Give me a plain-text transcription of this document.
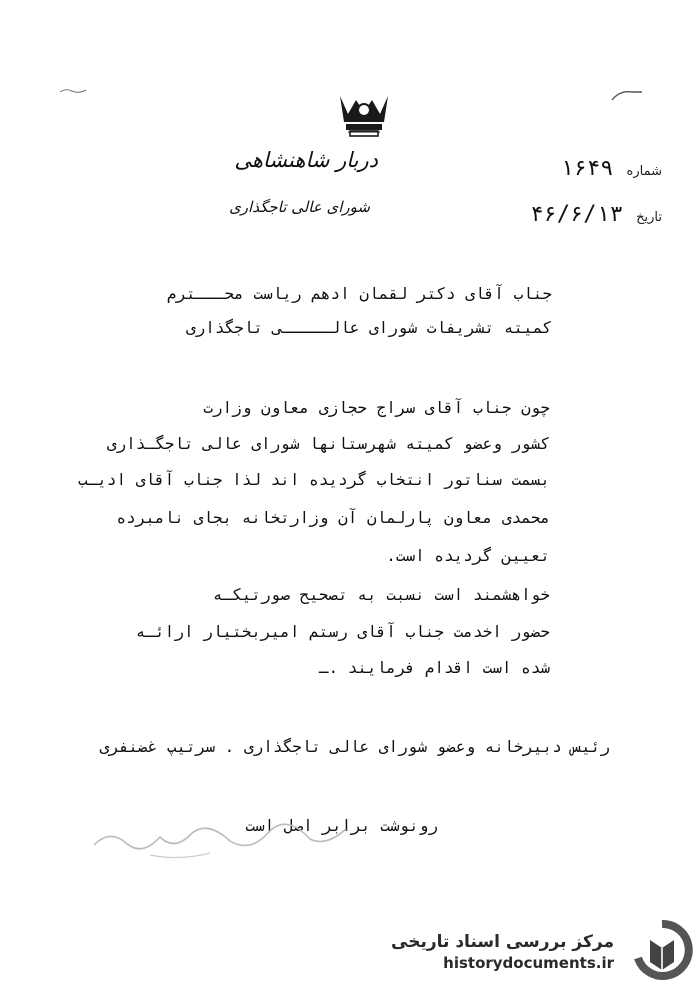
دربار شاهنشاهی
شورای عالی تاجگذاری
شماره ۱۶۴۹
تاریخ ۴۶/۶/۱۳
جناب آقای دکتر لقمان ادهم ریاست محـــترم
کمیته تشریفات شورای عالـــــی تاجگذاری
چون جناب آقای سراج حجازی معاون وزارت
کشور وعضو کمیته شهرستانها شورای عالی تاجگـذاری
بسمت سناتور انتخاب گردیده اند لذا جناب آقای ادیـب
محمدی معاون پارلمان آن وزارتخانه بجای نامبرده
تعیین گردیده است.
خواهشمند است نسبت به تصحیح صورتیکـه
حضور اخدمت جناب آقای رستم امیربختیار ارائـه
شده است اقدام فرمایند .ـ
رئیس دبیرخانه وعضو شورای عالی تاجگذاری . سرتیپ غضنفری
رونوشت برابر اصل است
مرکز بررسی اسناد تاریخی
historydocuments.ir
